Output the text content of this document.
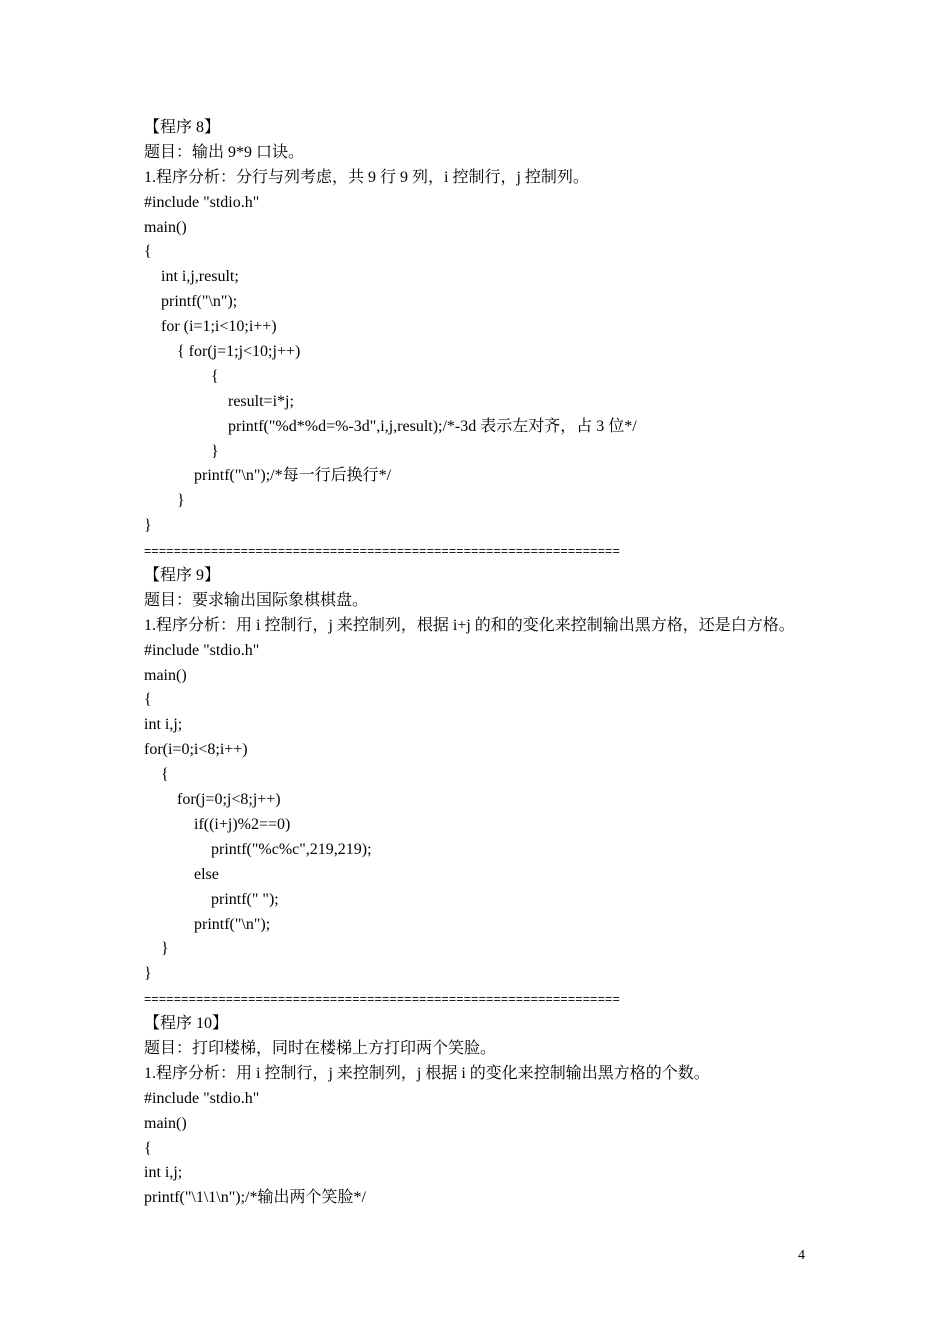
【程序 8】
题目：输出 9*9 口诀。
1.程序分析：分行与列考虑，共 9 行 9 列，i 控制行，j 控制列。
#include "stdio.h"
main()
{
int i,j,result;
printf("\n");
for (i=1;i<10;i++)
{ for(j=1;j<10;j++)
{
result=i*j;
printf("%d*%d=%-3d",i,j,result);/*-3d 表示左对齐，占 3 位*/
}
printf("\n");/*每一行后换行*/
}
}
================================================================
【程序 9】
题目：要求输出国际象棋棋盘。
1.程序分析：用 i 控制行，j 来控制列，根据 i+j 的和的变化来控制输出黑方格，还是白方格。
#include "stdio.h"
main()
{
int i,j;
for(i=0;i<8;i++)
{
for(j=0;j<8;j++)
if((i+j)%2==0)
printf("%c%c",219,219);
else
printf(" ");
printf("\n");
}
}
================================================================
【程序 10】
题目：打印楼梯，同时在楼梯上方打印两个笑脸。
1.程序分析：用 i 控制行，j 来控制列，j 根据 i 的变化来控制输出黑方格的个数。
#include "stdio.h"
main()
{
int i,j;
printf("\1\1\n");/*输出两个笑脸*/
4
